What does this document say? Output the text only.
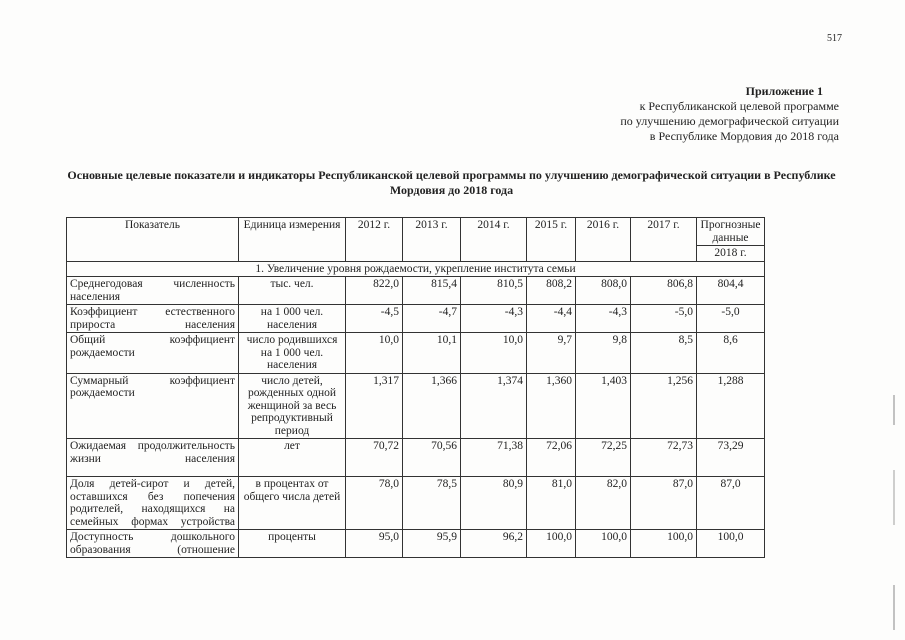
517
Приложение 1
к Республиканской целевой программе
по улучшению демографической ситуации
в Республике Мордовия до 2018 года
Основные целевые показатели и индикаторы Республиканской целевой программы по улучшению демографической ситуации в Республике Мордовия до 2018 года
Показатель	Единица измерения	2012 г.	2013 г.	2014 г.	2015 г.	2016 г.	2017 г.	Прогнозные данные
								2018 г.
1. Увеличение уровня рождаемости, укрепление института семьи								
Среднегодовая численность населения	тыс. чел.	822,0	815,4	810,5	808,2	808,0	806,8	804,4
Коэффициент естественного прироста населения	на 1 000 чел. населения	-4,5	-4,7	-4,3	-4,4	-4,3	-5,0	-5,0
Общий коэффициент рождаемости	число родившихся на 1 000 чел. населения	10,0	10,1	10,0	9,7	9,8	8,5	8,6
Суммарный коэффициент рождаемости	число детей, рожденных одной женщиной за весь репродуктивный период	1,317	1,366	1,374	1,360	1,403	1,256	1,288
Ожидаемая продолжительность жизни населения	лет	70,72	70,56	71,38	72,06	72,25	72,73	73,29
Доля детей-сирот и детей, оставшихся без попечения родителей, находящихся на семейных формах устройства	в процентах от общего числа детей	78,0	78,5	80,9	81,0	82,0	87,0	87,0
Доступность дошкольного образования (отношение	проценты	95,0	95,9	96,2	100,0	100,0	100,0	100,0
